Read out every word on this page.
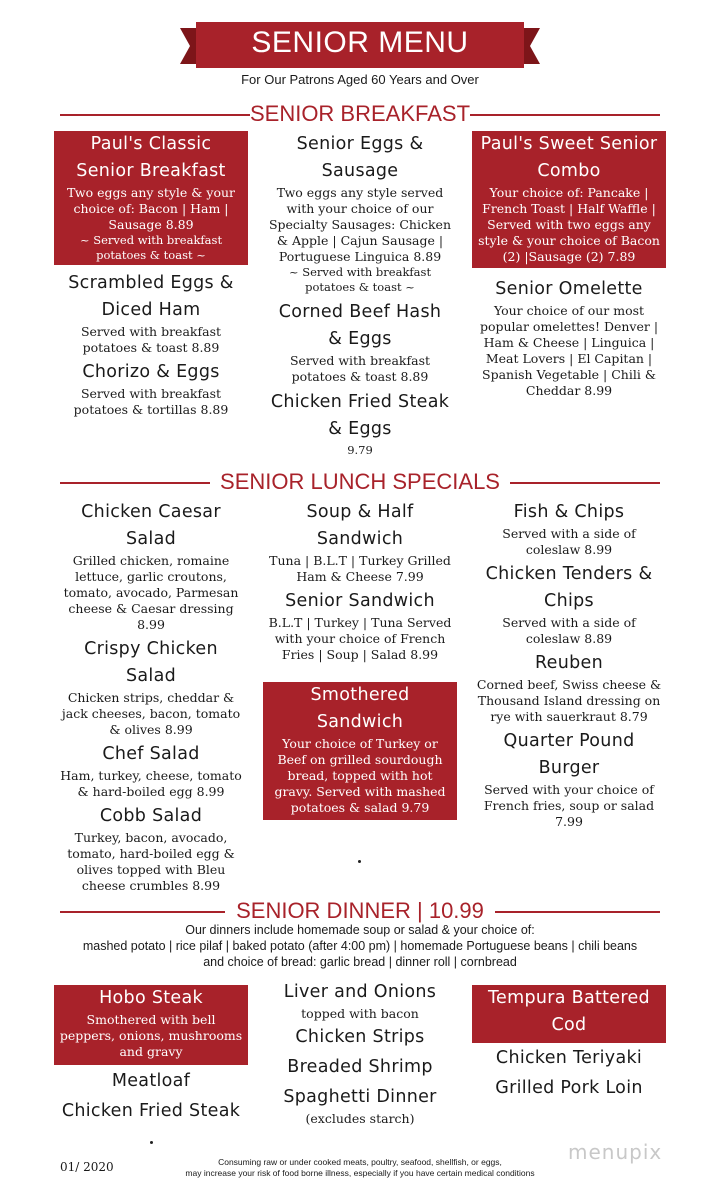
SENIOR MENU
For Our Patrons Aged 60 Years and Over
SENIOR BREAKFAST
Paul's Classic
Senior Breakfast
Two eggs any style & your
choice of: Bacon | Ham |
Sausage 8.89
~ Served with breakfast
potatoes & toast ~
Scrambled Eggs &
Diced Ham
Served with breakfast
potatoes & toast 8.89
Chorizo & Eggs
Served with breakfast
potatoes & tortillas 8.89
Senior Eggs &
Sausage
Two eggs any style served
with your choice of our
Specialty Sausages: Chicken
& Apple | Cajun Sausage |
Portuguese Linguica 8.89
~ Served with breakfast
potatoes & toast ~
Corned Beef Hash
& Eggs
Served with breakfast
potatoes & toast 8.89
Chicken Fried Steak
& Eggs
9.79
Paul's Sweet Senior
Combo
Your choice of: Pancake |
French Toast | Half Waffle |
Served with two eggs any
style & your choice of Bacon
(2) |Sausage (2) 7.89
Senior Omelette
Your choice of our most
popular omelettes! Denver |
Ham & Cheese | Linguica |
Meat Lovers | El Capitan |
Spanish Vegetable | Chili &
Cheddar 8.99
SENIOR LUNCH SPECIALS
Chicken Caesar
Salad
Grilled chicken, romaine
lettuce, garlic croutons,
tomato, avocado, Parmesan
cheese & Caesar dressing
8.99
Crispy Chicken
Salad
Chicken strips, cheddar &
jack cheeses, bacon, tomato
& olives 8.99
Chef Salad
Ham, turkey, cheese, tomato
& hard-boiled egg 8.99
Cobb Salad
Turkey, bacon, avocado,
tomato, hard-boiled egg &
olives topped with Bleu
cheese crumbles 8.99
Soup & Half
Sandwich
Tuna | B.L.T | Turkey Grilled
Ham & Cheese 7.99
Senior Sandwich
B.L.T | Turkey | Tuna Served
with your choice of French
Fries | Soup | Salad 8.99
Smothered
Sandwich
Your choice of Turkey or
Beef on grilled sourdough
bread, topped with hot
gravy. Served with mashed
potatoes & salad 9.79
Fish & Chips
Served with a side of
coleslaw 8.99
Chicken Tenders &
Chips
Served with a side of
coleslaw 8.89
Reuben
Corned beef, Swiss cheese &
Thousand Island dressing on
rye with sauerkraut 8.79
Quarter Pound
Burger
Served with your choice of
French fries, soup or salad
7.99
SENIOR DINNER | 10.99
Our dinners include homemade soup or salad & your choice of:
mashed potato | rice pilaf | baked potato (after 4:00 pm) | homemade Portuguese beans | chili beans
and choice of bread: garlic bread | dinner roll | cornbread
Hobo Steak
Smothered with bell
peppers, onions, mushrooms
and gravy
Meatloaf
Chicken Fried Steak
Liver and Onions
topped with bacon
Chicken Strips
Breaded Shrimp
Spaghetti Dinner
(excludes starch)
Tempura Battered
Cod
Chicken Teriyaki
Grilled Pork Loin
01/ 2020	Consuming raw or under cooked meats, poultry, seafood, shellfish, or eggs,
may increase your risk of food borne illness, especially if you have certain medical conditions
menupix
